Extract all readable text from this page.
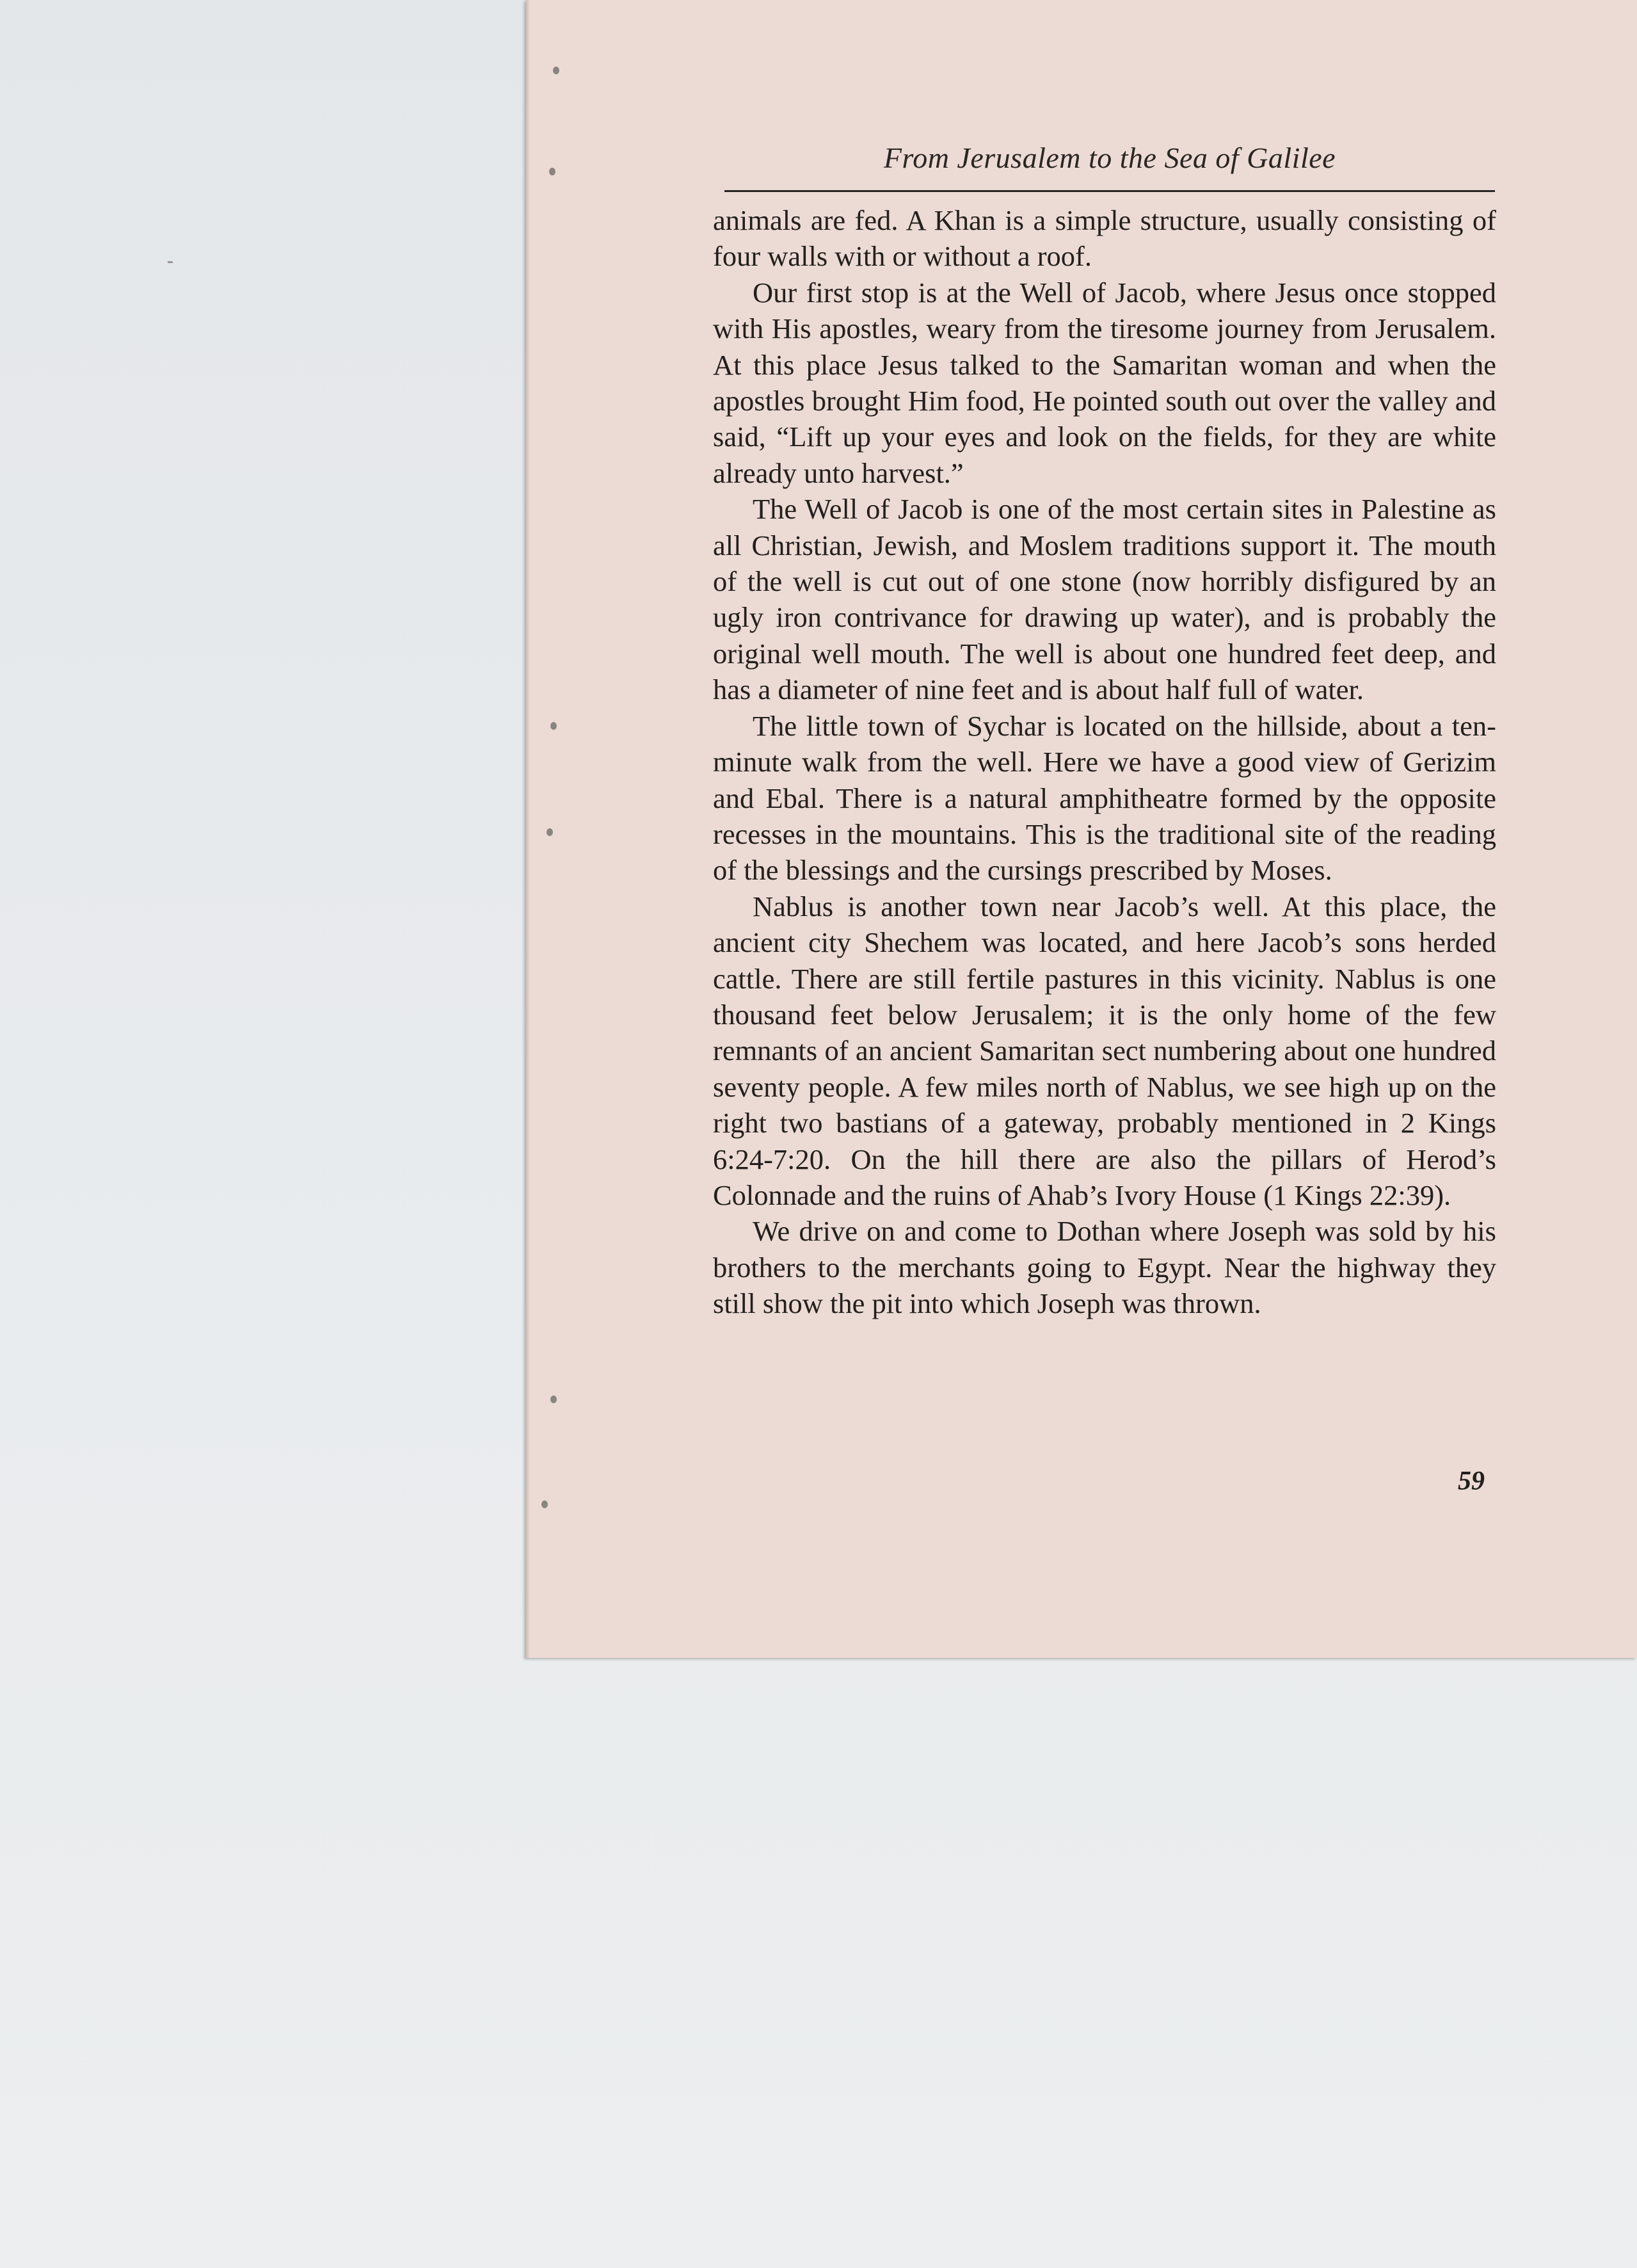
From Jerusalem to the Sea of Galilee

animals are fed. A Khan is a simple structure, usually consisting of four walls with or without a roof.

Our first stop is at the Well of Jacob, where Jesus once stopped with His apostles, weary from the tiresome journey from Jerusalem. At this place Jesus talked to the Samaritan woman and when the apostles brought Him food, He pointed south out over the valley and said, “Lift up your eyes and look on the fields, for they are white already unto harvest.”

The Well of Jacob is one of the most certain sites in Palestine as all Christian, Jewish, and Moslem traditions support it. The mouth of the well is cut out of one stone (now horribly disfigured by an ugly iron contrivance for drawing up water), and is probably the original well mouth. The well is about one hundred feet deep, and has a diameter of nine feet and is about half full of water.

The little town of Sychar is located on the hillside, about a ten-minute walk from the well. Here we have a good view of Gerizim and Ebal. There is a natural amphitheatre formed by the opposite recesses in the mountains. This is the traditional site of the reading of the blessings and the cursings prescribed by Moses.

Nablus is another town near Jacob’s well. At this place, the ancient city Shechem was located, and here Jacob’s sons herded cattle. There are still fertile pastures in this vicinity. Nablus is one thousand feet below Jerusalem; it is the only home of the few remnants of an ancient Samaritan sect numbering about one hundred seventy people. A few miles north of Nablus, we see high up on the right two bastians of a gateway, probably mentioned in 2 Kings 6:24-7:20. On the hill there are also the pillars of Herod’s Colonnade and the ruins of Ahab’s Ivory House (1 Kings 22:39).

We drive on and come to Dothan where Joseph was sold by his brothers to the merchants going to Egypt. Near the highway they still show the pit into which Joseph was thrown.

59
